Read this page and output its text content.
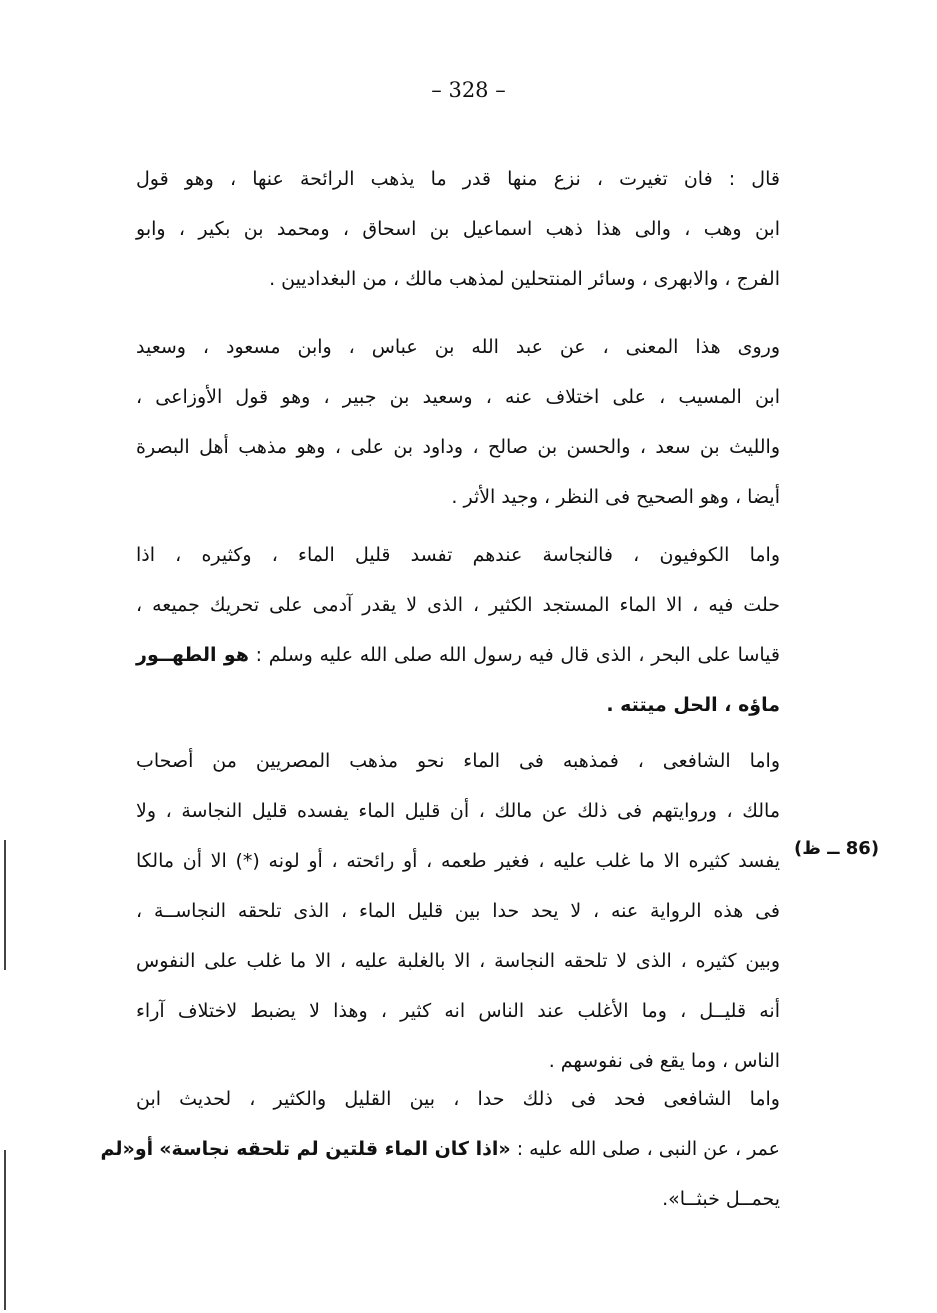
– 328 –
قال : فان تغيرت ، نزع منها قدر ما يذهب الرائحة عنها ، وهو قول
ابن وهب ، والى هذا ذهب اسماعيل بن اسحاق ، ومحمد بن بكير ، وابو
الفرج ، والابهرى ، وسائر المنتحلين لمذهب مالك ، من البغداديين .
وروى هذا المعنى ، عن عبد الله بن عباس ، وابن مسعود ، وسعيد
ابن المسيب ، على اختلاف عنه ، وسعيد بن جبير ، وهو قول الأوزاعى ،
والليث بن سعد ، والحسن بن صالح ، وداود بن على ، وهو مذهب أهل البصرة
أيضا ، وهو الصحيح فى النظر ، وجيد الأثر .
واما الكوفيون ، فالنجاسة عندهم تفسد قليل الماء ، وكثيره ، اذا
حلت فيه ، الا الماء المستجد الكثير ، الذى لا يقدر آدمى على تحريك جميعه ،
قياسا على البحر ، الذى قال فيه رسول الله صلى الله عليه وسلم : هو الطهــور
ماؤه ، الحل ميتته .
واما الشافعى ، فمذهبه فى الماء نحو مذهب المصريين من أصحاب
مالك ، وروايتهم فى ذلك عن مالك ، أن قليل الماء يفسده قليل النجاسة ، ولا
يفسد كثيره الا ما غلب عليه ، فغير طعمه ، أو رائحته ، أو لونه (*) الا أن مالكا
فى هذه الرواية عنه ، لا يحد حدا بين قليل الماء ، الذى تلحقه النجاســة ،
وبين كثيره ، الذى لا تلحقه النجاسة ، الا بالغلبة عليه ، الا ما غلب على النفوس
أنه قليــل ، وما الأغلب عند الناس انه كثير ، وهذا لا يضبط لاختلاف آراء
الناس ، وما يقع فى نفوسهم .
(86 ــ ظ)
واما الشافعى فحد فى ذلك حدا ، بين القليل والكثير ، لحديث ابن
عمر ، عن النبى ، صلى الله عليه : «اذا كان الماء قلتين لم تلحقه نجاسة» أو«لم
يحمــل خبثــا».
